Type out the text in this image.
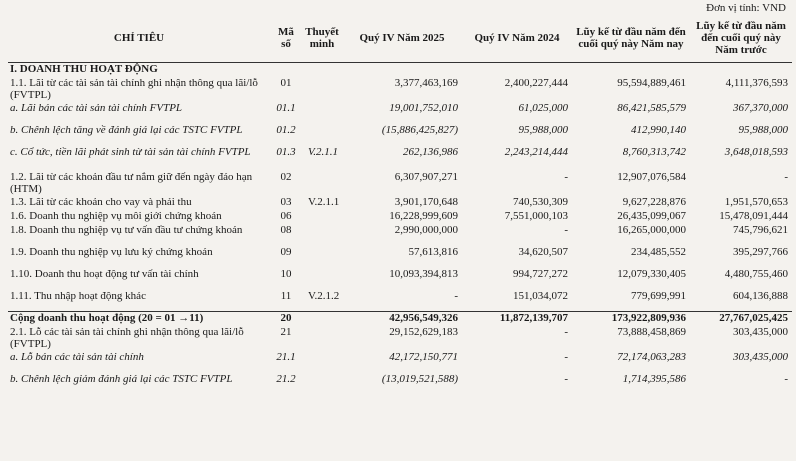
Đơn vị tính: VND
CHỈ TIÊU	Mã số	Thuyết minh	Quý IV Năm 2025	Quý IV Năm 2024	Lũy kế từ đầu năm đến cuối quý này Năm nay	Lũy kế từ đầu năm đến cuối quý này Năm trước
I. DOANH THU HOẠT ĐỘNG						
1.1. Lãi từ các tài sản tài chính ghi nhận thông qua lãi/lỗ (FVTPL)	01		3,377,463,169	2,400,227,444	95,594,889,461	4,111,376,593
a. Lãi bán các tài sản tài chính FVTPL	01.1		19,001,752,010	61,025,000	86,421,585,579	367,370,000
b. Chênh lệch tăng về đánh giá lại các TSTC FVTPL	01.2		(15,886,425,827)	95,988,000	412,990,140	95,988,000
c. Cổ tức, tiền lãi phát sinh từ tài sản tài chính FVTPL	01.3	V.2.1.1	262,136,986	2,243,214,444	8,760,313,742	3,648,018,593
1.2. Lãi từ các khoản đầu tư nắm giữ đến ngày đáo hạn (HTM)	02		6,307,907,271	-	12,907,076,584	-
1.3. Lãi từ các khoản cho vay và phải thu	03	V.2.1.1	3,901,170,648	740,530,309	9,627,228,876	1,951,570,653
1.6. Doanh thu nghiệp vụ môi giới chứng khoán	06		16,228,999,609	7,551,000,103	26,435,099,067	15,478,091,444
1.8. Doanh thu nghiệp vụ tư vấn đầu tư chứng khoán	08		2,990,000,000	-	16,265,000,000	745,796,621
1.9. Doanh thu nghiệp vụ lưu ký chứng khoán	09		57,613,816	34,620,507	234,485,552	395,297,766
1.10. Doanh thu hoạt động tư vấn tài chính	10		10,093,394,813	994,727,272	12,079,330,405	4,480,755,460
1.11. Thu nhập hoạt động khác	11	V.2.1.2	-	151,034,072	779,699,991	604,136,888
Cộng doanh thu hoạt động (20 = 01 →11)	20		42,956,549,326	11,872,139,707	173,922,809,936	27,767,025,425
2.1. Lỗ các tài sản tài chính ghi nhận thông qua lãi/lỗ (FVTPL)	21		29,152,629,183	-	73,888,458,869	303,435,000
a. Lỗ bán các tài sản tài chính	21.1		42,172,150,771	-	72,174,063,283	303,435,000
b. Chênh lệch giảm đánh giá lại các TSTC FVTPL	21.2		(13,019,521,588)	-	1,714,395,586	-
